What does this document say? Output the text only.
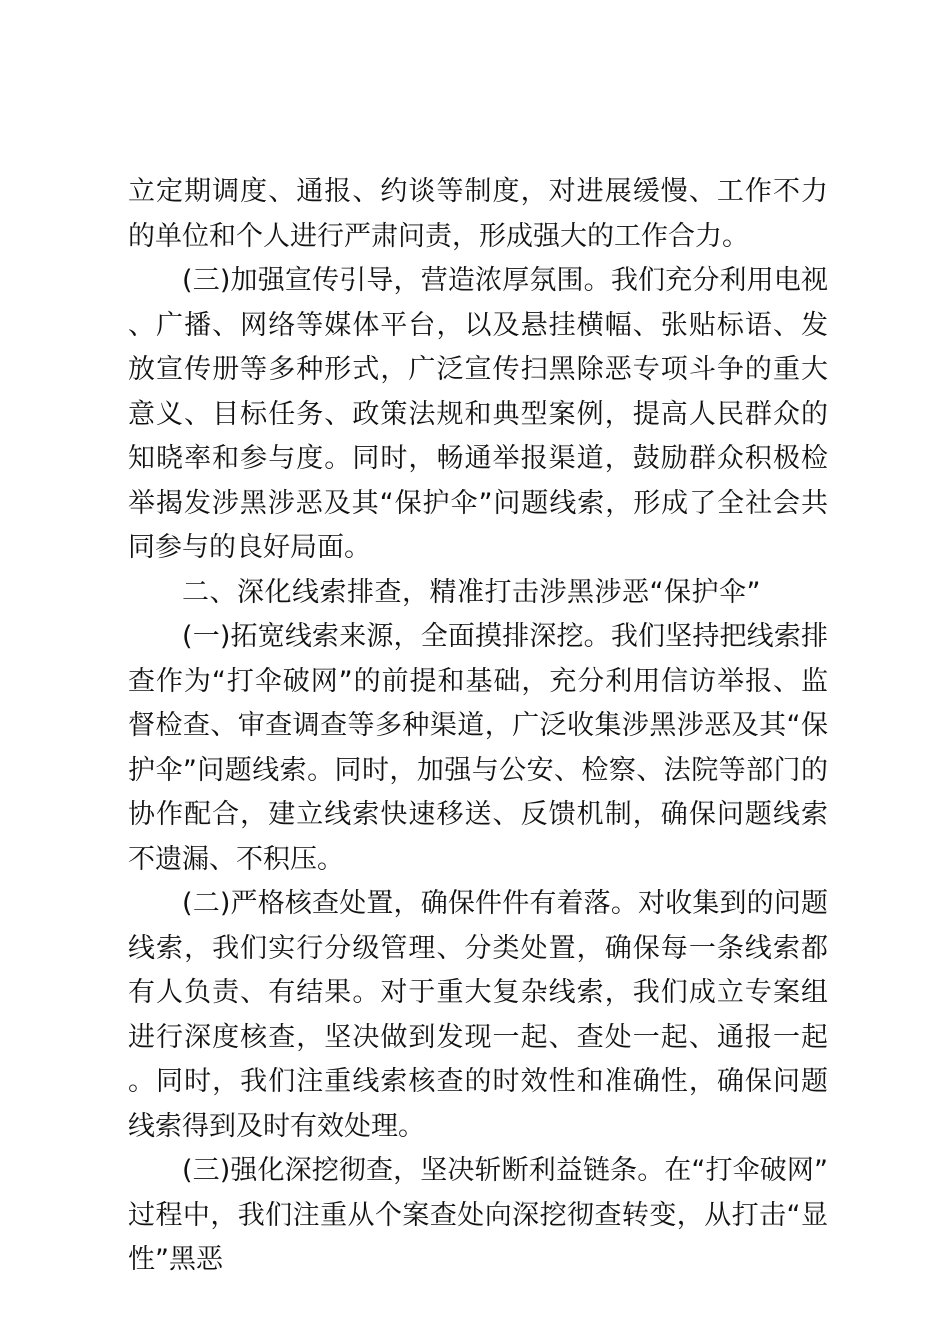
立定期调度、通报、约谈等制度，对进展缓慢、工作不力的单位和个人进行严肃问责，形成强大的工作合力。

(三)加强宣传引导，营造浓厚氛围。我们充分利用电视、广播、网络等媒体平台，以及悬挂横幅、张贴标语、发放宣传册等多种形式，广泛宣传扫黑除恶专项斗争的重大意义、目标任务、政策法规和典型案例，提高人民群众的知晓率和参与度。同时，畅通举报渠道，鼓励群众积极检举揭发涉黑涉恶及其“保护伞”问题线索，形成了全社会共同参与的良好局面。

二、深化线索排查，精准打击涉黑涉恶“保护伞”

(一)拓宽线索来源，全面摸排深挖。我们坚持把线索排查作为“打伞破网”的前提和基础，充分利用信访举报、监督检查、审查调查等多种渠道，广泛收集涉黑涉恶及其“保护伞”问题线索。同时，加强与公安、检察、法院等部门的协作配合，建立线索快速移送、反馈机制，确保问题线索不遗漏、不积压。

(二)严格核查处置，确保件件有着落。对收集到的问题线索，我们实行分级管理、分类处置，确保每一条线索都有人负责、有结果。对于重大复杂线索，我们成立专案组进行深度核查，坚决做到发现一起、查处一起、通报一起。同时，我们注重线索核查的时效性和准确性，确保问题线索得到及时有效处理。

(三)强化深挖彻查，坚决斩断利益链条。在“打伞破网”过程中，我们注重从个案查处向深挖彻查转变，从打击“显性”黑恶
